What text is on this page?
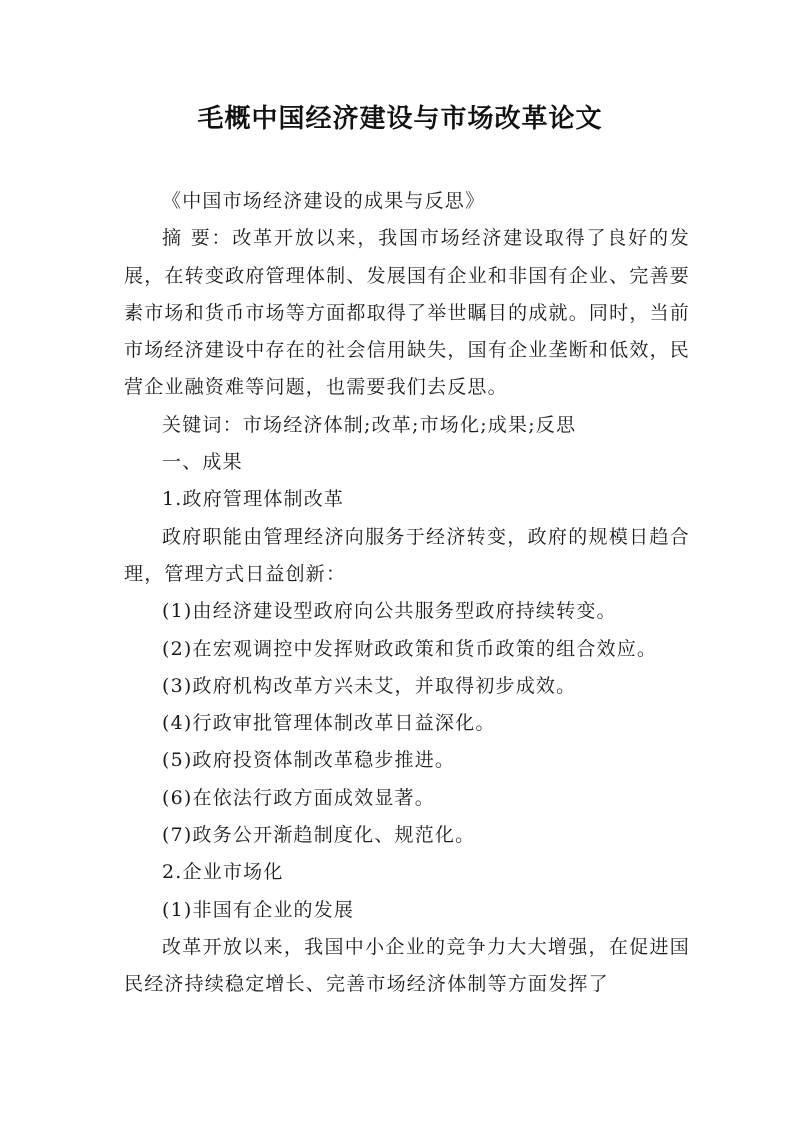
毛概中国经济建设与市场改革论文

《中国市场经济建设的成果与反思》

摘 要：改革开放以来，我国市场经济建设取得了良好的发展，在转变政府管理体制、发展国有企业和非国有企业、完善要素市场和货币市场等方面都取得了举世瞩目的成就。同时，当前市场经济建设中存在的社会信用缺失，国有企业垄断和低效，民营企业融资难等问题，也需要我们去反思。

关键词：市场经济体制;改革;市场化;成果;反思

一、成果

1.政府管理体制改革

政府职能由管理经济向服务于经济转变，政府的规模日趋合理，管理方式日益创新：

(1)由经济建设型政府向公共服务型政府持续转变。

(2)在宏观调控中发挥财政政策和货币政策的组合效应。

(3)政府机构改革方兴未艾，并取得初步成效。

(4)行政审批管理体制改革日益深化。

(5)政府投资体制改革稳步推进。

(6)在依法行政方面成效显著。

(7)政务公开渐趋制度化、规范化。

2.企业市场化

(1)非国有企业的发展

改革开放以来，我国中小企业的竞争力大大增强，在促进国民经济持续稳定增长、完善市场经济体制等方面发挥了
